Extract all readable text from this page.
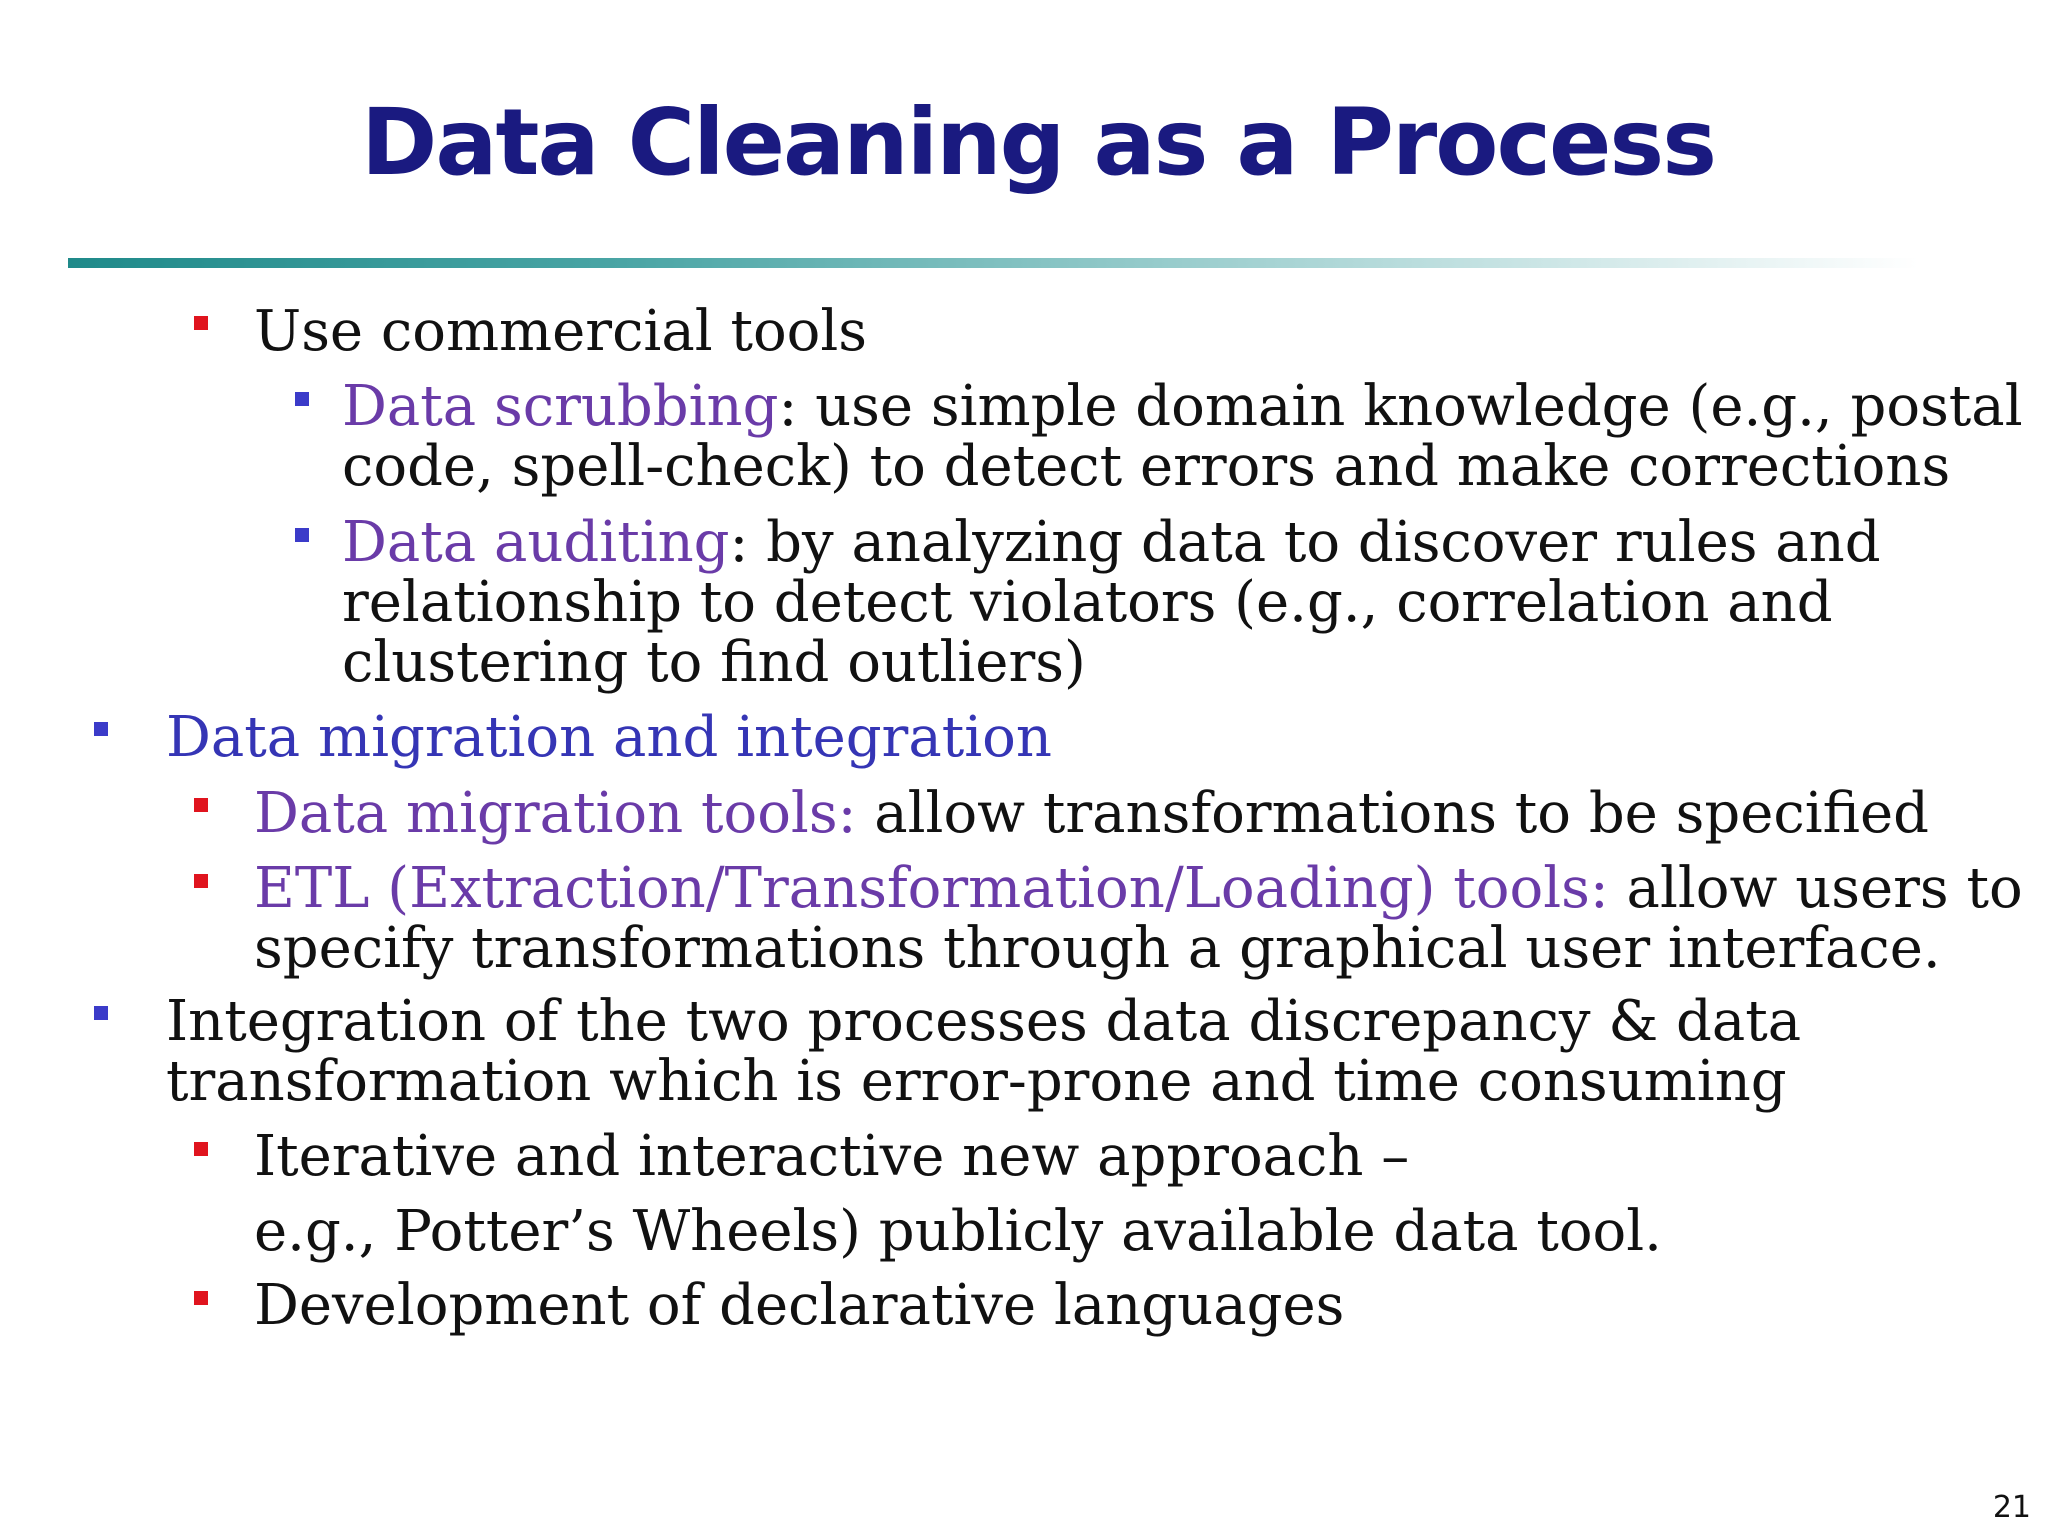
Data Cleaning as a Process
Use commercial tools
Data scrubbing: use simple domain knowledge (e.g., postal
code, spell-check) to detect errors and make corrections
Data auditing: by analyzing data to discover rules and
relationship to detect violators (e.g., correlation and
clustering to find outliers)
Data migration and integration
Data migration tools: allow transformations to be specified
ETL (Extraction/Transformation/Loading) tools: allow users to
specify transformations through a graphical user interface.
Integration of the two processes data discrepancy & data
transformation which is error-prone and time consuming
Iterative and interactive new approach –
e.g., Potter’s Wheels) publicly available data tool.
Development of declarative languages
21
